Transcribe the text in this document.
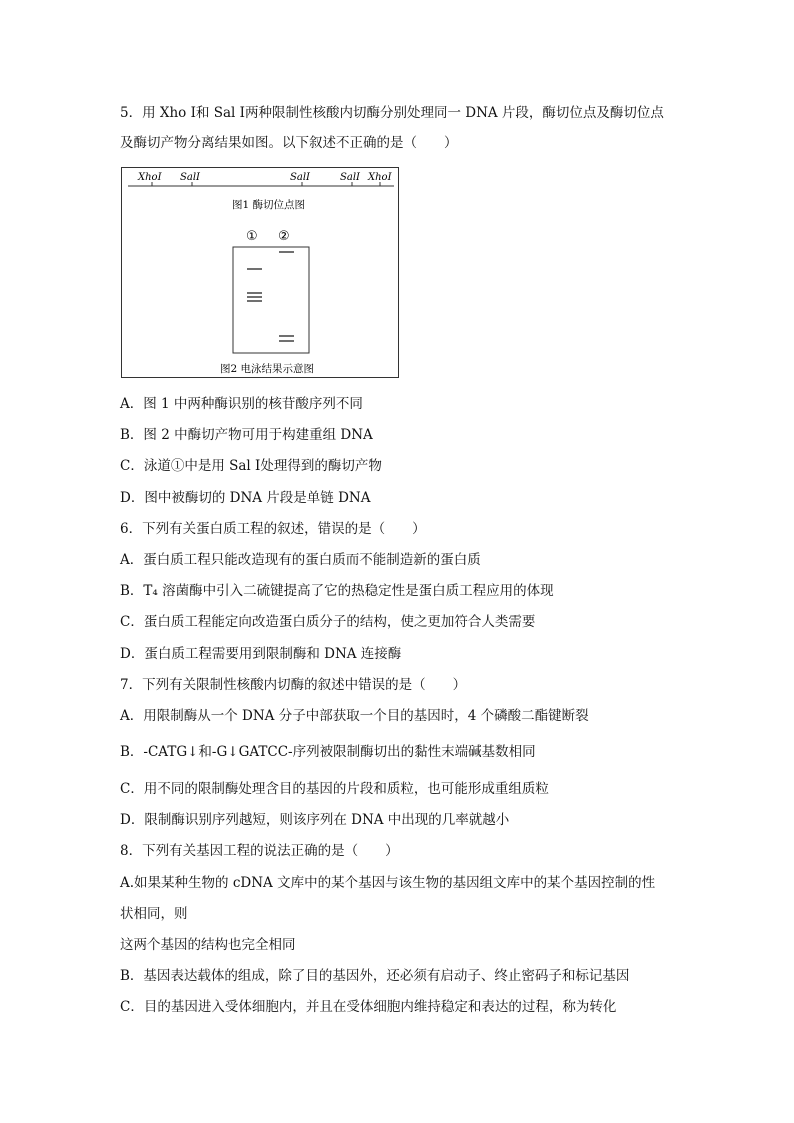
5．用 Xho Ⅰ和 Sal Ⅰ两种限制性核酸内切酶分别处理同一 DNA 片段，酶切位点及酶切位点
及酶切产物分离结果如图。以下叙述不正确的是（　　）
XhoⅠ SalⅠ	SalⅠ	SalⅠ XhoⅠ
图1 酶切位点图
① ②
图2 电泳结果示意图
A．图 1 中两种酶识别的核苷酸序列不同
B．图 2 中酶切产物可用于构建重组 DNA
C．泳道①中是用 Sal Ⅰ处理得到的酶切产物
D．图中被酶切的 DNA 片段是单链 DNA
6．下列有关蛋白质工程的叙述，错误的是（　　）
A．蛋白质工程只能改造现有的蛋白质而不能制造新的蛋白质
B．T₄ 溶菌酶中引入二硫键提高了它的热稳定性是蛋白质工程应用的体现
C．蛋白质工程能定向改造蛋白质分子的结构，使之更加符合人类需要
D．蛋白质工程需要用到限制酶和 DNA 连接酶
7．下列有关限制性核酸内切酶的叙述中错误的是（　　）
A．用限制酶从一个 DNA 分子中部获取一个目的基因时，4 个磷酸二酯键断裂
B．-CATG↓和-G↓GATCC-序列被限制酶切出的黏性末端碱基数相同
C．用不同的限制酶处理含目的基因的片段和质粒，也可能形成重组质粒
D．限制酶识别序列越短，则该序列在 DNA 中出现的几率就越小
8．下列有关基因工程的说法正确的是（　　）
A.如果某种生物的 cDNA 文库中的某个基因与该生物的基因组文库中的某个基因控制的性
状相同，则
这两个基因的结构也完全相同
B．基因表达载体的组成，除了目的基因外，还必须有启动子、终止密码子和标记基因
C．目的基因进入受体细胞内，并且在受体细胞内维持稳定和表达的过程，称为转化
